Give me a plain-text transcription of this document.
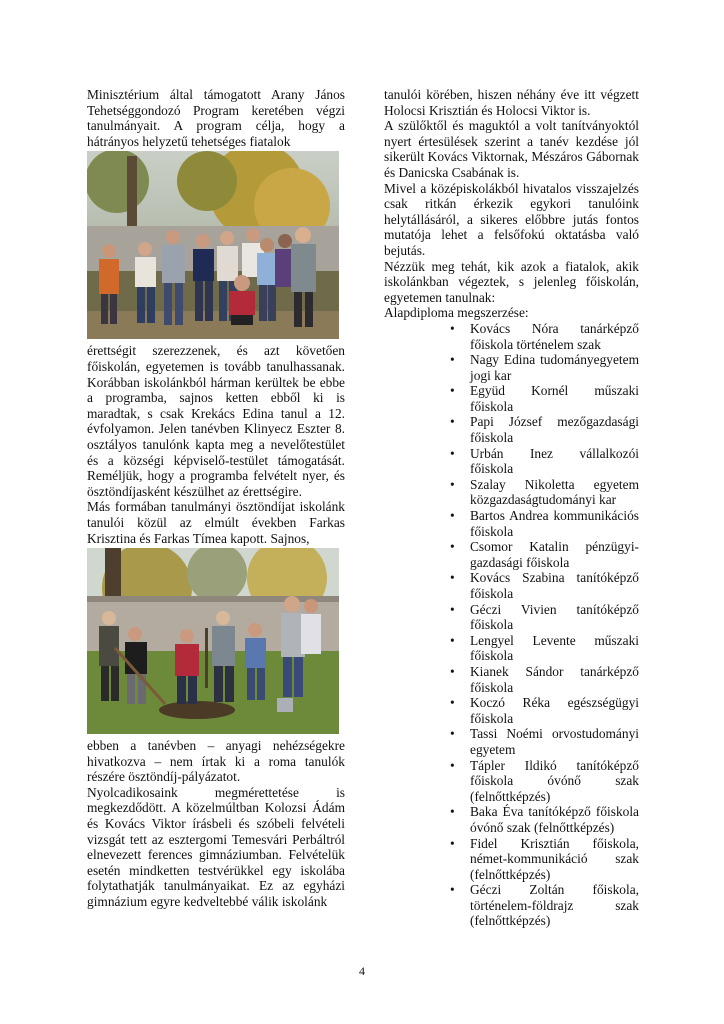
Minisztérium által támogatott Arany János Tehetséggondozó Program keretében végzi tanulmányait. A program célja, hogy a hátrányos helyzetű tehetséges fiatalok

érettségit szerezzenek, és azt követően főiskolán, egyetemen is tovább tanulhassanak. Korábban iskolánkból hárman kerültek be ebbe a programba, sajnos ketten ebből ki is maradtak, s csak Krekács Edina tanul a 12. évfolyamon. Jelen tanévben Klinyecz Eszter 8. osztályos tanulónk kapta meg a nevelőtestület és a községi képviselő-testület támogatását. Reméljük, hogy a programba felvételt nyer, és ösztöndíjasként készülhet az érettségire.

Más formában tanulmányi ösztöndíjat iskolánk tanulói közül az elmúlt években Farkas Krisztina és Farkas Tímea kapott. Sajnos,

ebben a tanévben – anyagi nehézségekre hivatkozva – nem írtak ki a roma tanulók részére ösztöndíj-pályázatot.

Nyolcadikosaink megmérettetése is megkezdődött. A közelmúltban Kolozsi Ádám és Kovács Viktor írásbeli és szóbeli felvételi vizsgát tett az esztergomi Temesvári Perbáltról elnevezett ferences gimnáziumban. Felvételük esetén mindketten testvérükkel egy iskolába folytathatják tanulmányaikat. Ez az egyházi gimnázium egyre kedveltebbé válik iskolánk

tanulói körében, hiszen néhány éve itt végzett Holocsi Krisztián és Holocsi Viktor is.

A szülőktől és maguktól a volt tanítványoktól nyert értesülések szerint a tanév kezdése jól sikerült Kovács Viktornak, Mészáros Gábornak és Danicska Csabának is.

Mivel a középiskolákból hivatalos visszajelzés csak ritkán érkezik egykori tanulóink helytállásáról, a sikeres előbbre jutás fontos mutatója lehet a felsőfokú oktatásba való bejutás.

Nézzük meg tehát, kik azok a fiatalok, akik iskolánkban végeztek, s jelenleg főiskolán, egyetemen tanulnak:

Alapdiploma megszerzése:

• Kovács Nóra tanárképző főiskola történelem szak
• Nagy Edina tudományegyetem jogi kar
• Együd Kornél műszaki főiskola
• Papi József mezőgazdasági főiskola
• Urbán Inez vállalkozói főiskola
• Szalay Nikoletta egyetem közgazdaságtudományi kar
• Bartos Andrea kommunikációs főiskola
• Csomor Katalin pénzügyi-gazdasági főiskola
• Kovács Szabina tanítóképző főiskola
• Géczi Vivien tanítóképző főiskola
• Lengyel Levente műszaki főiskola
• Kianek Sándor tanárképző főiskola
• Koczó Réka egészségügyi főiskola
• Tassi Noémi orvostudományi egyetem
• Tápler Ildikó tanítóképző főiskola óvónő szak (felnőttképzés)
• Baka Éva tanítóképző főiskola óvónő szak (felnőttképzés)
• Fidel Krisztián főiskola, német-kommunikáció szak (felnőttképzés)
• Géczi Zoltán főiskola, történelem-földrajz szak (felnőttképzés)
4
